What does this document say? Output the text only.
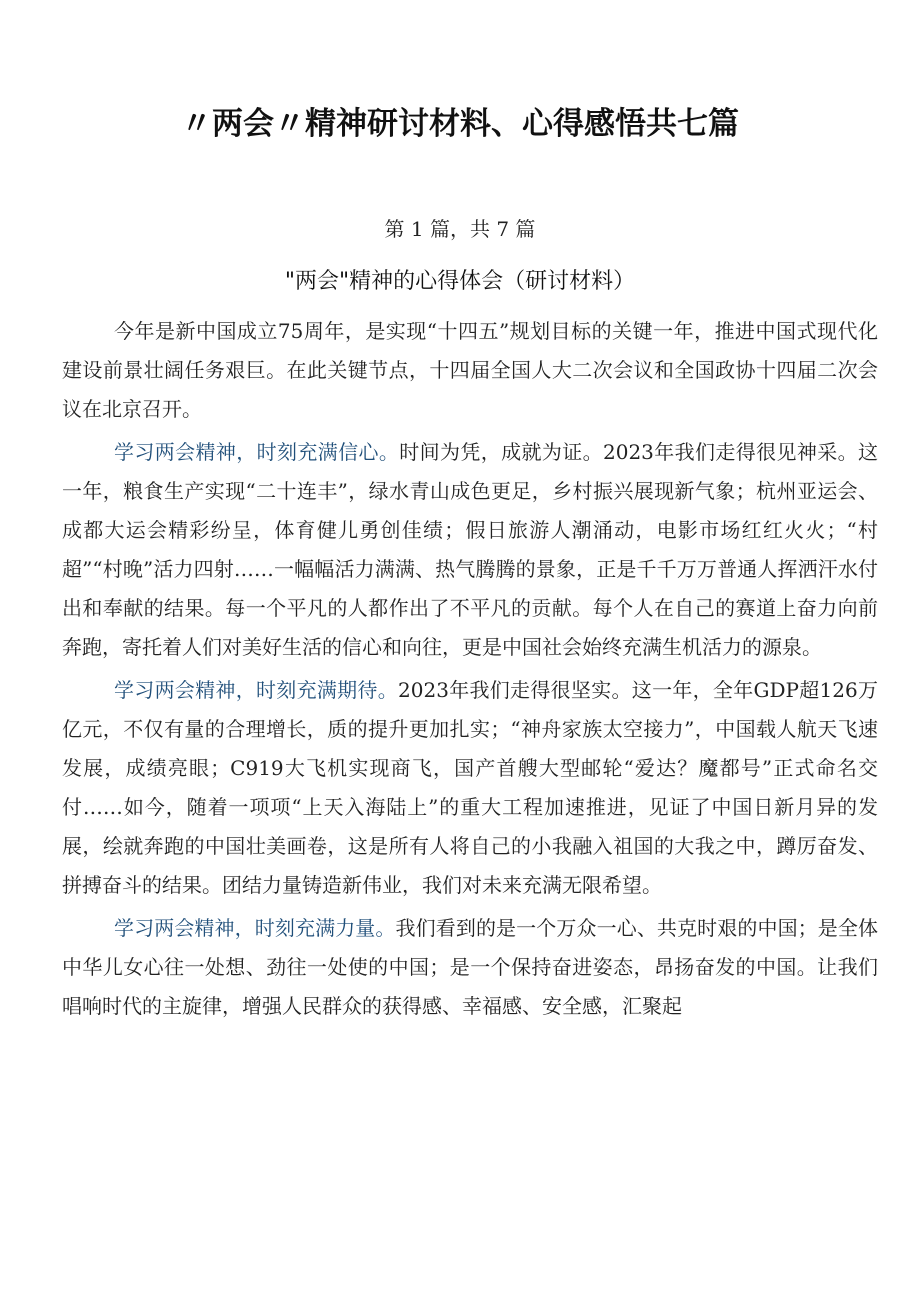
〃两会〃精神研讨材料、心得感悟共七篇
第 1 篇，共 7 篇
"两会"精神的心得体会（研讨材料）

今年是新中国成立75周年，是实现“十四五”规划目标的关键一年，推进中国式现代化建设前景壮阔任务艰巨。在此关键节点，十四届全国人大二次会议和全国政协十四届二次会议在北京召开。

学习两会精神，时刻充满信心。时间为凭，成就为证。2023年我们走得很见神采。这一年，粮食生产实现“二十连丰”，绿水青山成色更足，乡村振兴展现新气象；杭州亚运会、成都大运会精彩纷呈，体育健儿勇创佳绩；假日旅游人潮涌动，电影市场红红火火；“村超”“村晚”活力四射……一幅幅活力满满、热气腾腾的景象，正是千千万万普通人挥洒汗水付出和奉献的结果。每一个平凡的人都作出了不平凡的贡献。每个人在自己的赛道上奋力向前奔跑，寄托着人们对美好生活的信心和向往，更是中国社会始终充满生机活力的源泉。

学习两会精神，时刻充满期待。2023年我们走得很坚实。这一年，全年GDP超126万亿元，不仅有量的合理增长，质的提升更加扎实；“神舟家族太空接力”，中国载人航天飞速发展，成绩亮眼；C919大飞机实现商飞，国产首艘大型邮轮“爱达？魔都号”正式命名交付……如今，随着一项项“上天入海陆上”的重大工程加速推进，见证了中国日新月异的发展，绘就奔跑的中国壮美画卷，这是所有人将自己的小我融入祖国的大我之中，蹲厉奋发、拼搏奋斗的结果。团结力量铸造新伟业，我们对未来充满无限希望。

学习两会精神，时刻充满力量。我们看到的是一个万众一心、共克时艰的中国；是全体中华儿女心往一处想、劲往一处使的中国；是一个保持奋进姿态，昂扬奋发的中国。让我们唱响时代的主旋律，增强人民群众的获得感、幸福感、安全感，汇聚起
